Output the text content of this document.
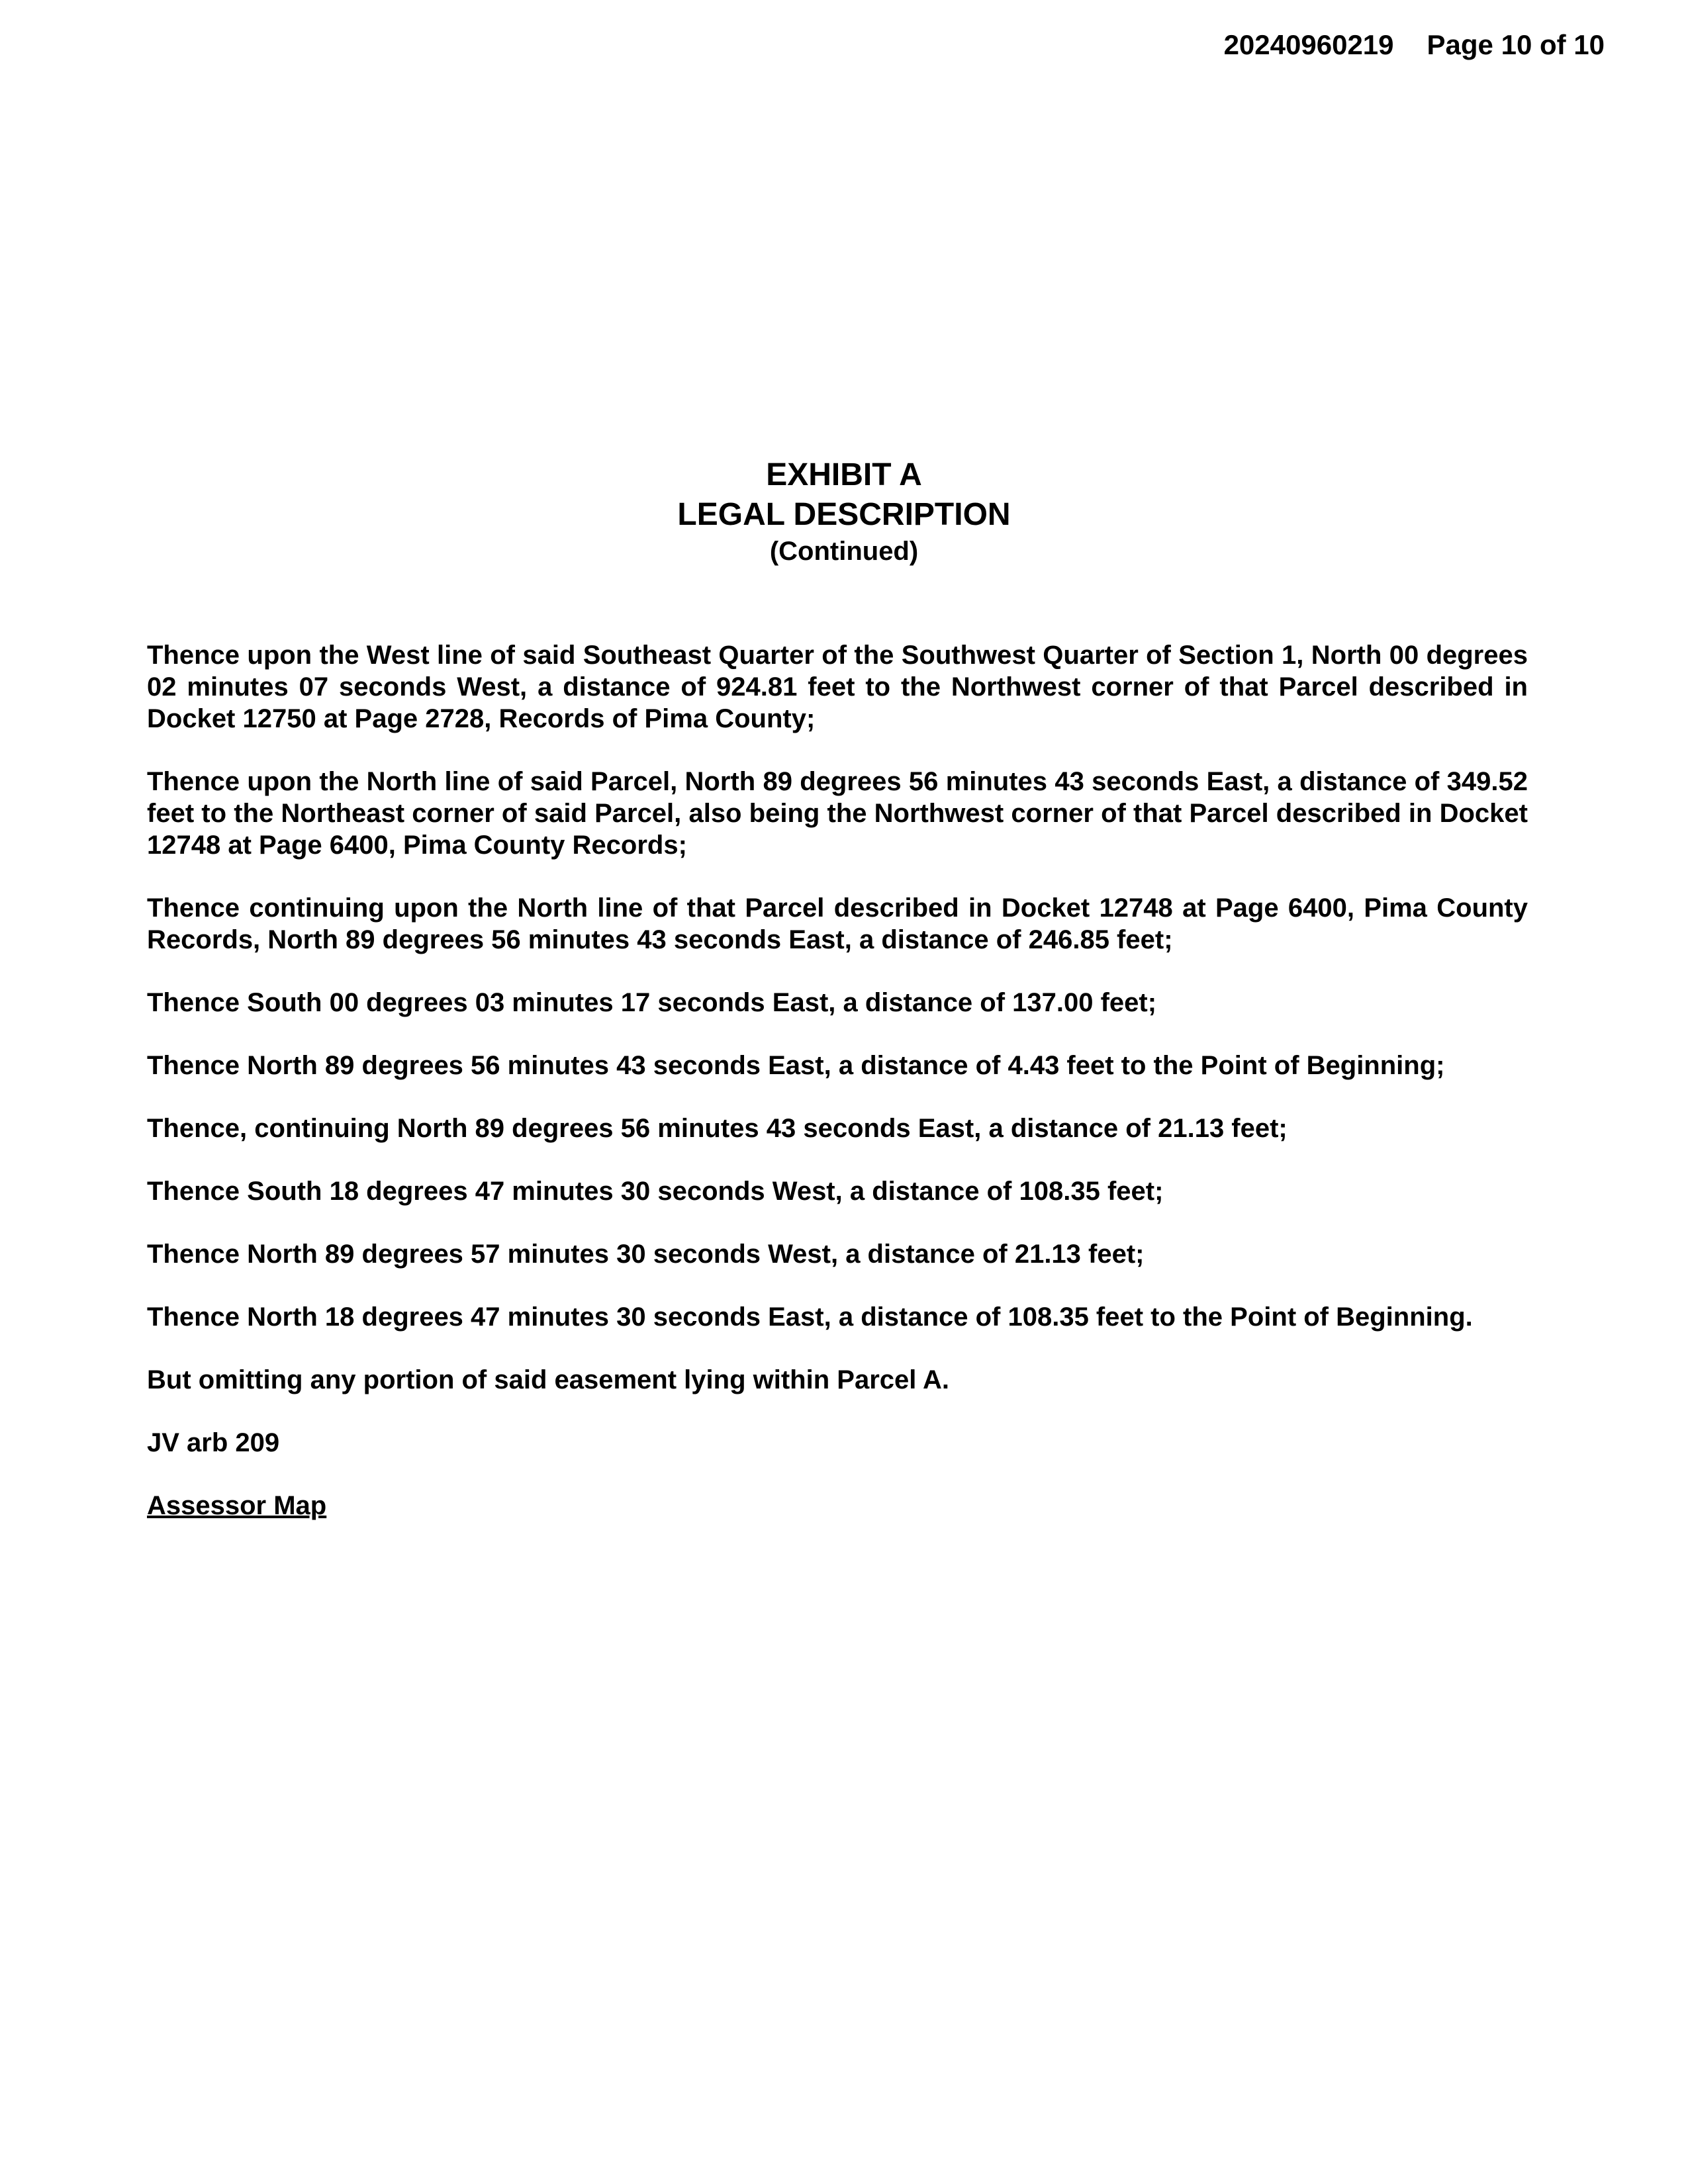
20240960219 Page 10 of 10
EXHIBIT A
LEGAL DESCRIPTION
(Continued)

Thence upon the West line of said Southeast Quarter of the Southwest Quarter of Section 1, North 00 degrees 02 minutes 07 seconds West, a distance of 924.81 feet to the Northwest corner of that Parcel described in Docket 12750 at Page 2728, Records of Pima County;

Thence upon the North line of said Parcel, North 89 degrees 56 minutes 43 seconds East, a distance of 349.52 feet to the Northeast corner of said Parcel, also being the Northwest corner of that Parcel described in Docket 12748 at Page 6400, Pima County Records;

Thence continuing upon the North line of that Parcel described in Docket 12748 at Page 6400, Pima County Records, North 89 degrees 56 minutes 43 seconds East, a distance of 246.85 feet;

Thence South 00 degrees 03 minutes 17 seconds East, a distance of 137.00 feet;

Thence North 89 degrees 56 minutes 43 seconds East, a distance of 4.43 feet to the Point of Beginning;

Thence, continuing North 89 degrees 56 minutes 43 seconds East, a distance of 21.13 feet;

Thence South 18 degrees 47 minutes 30 seconds West, a distance of 108.35 feet;

Thence North 89 degrees 57 minutes 30 seconds West, a distance of 21.13 feet;

Thence North 18 degrees 47 minutes 30 seconds East, a distance of 108.35 feet to the Point of Beginning.

But omitting any portion of said easement lying within Parcel A.

JV arb 209

Assessor Map
